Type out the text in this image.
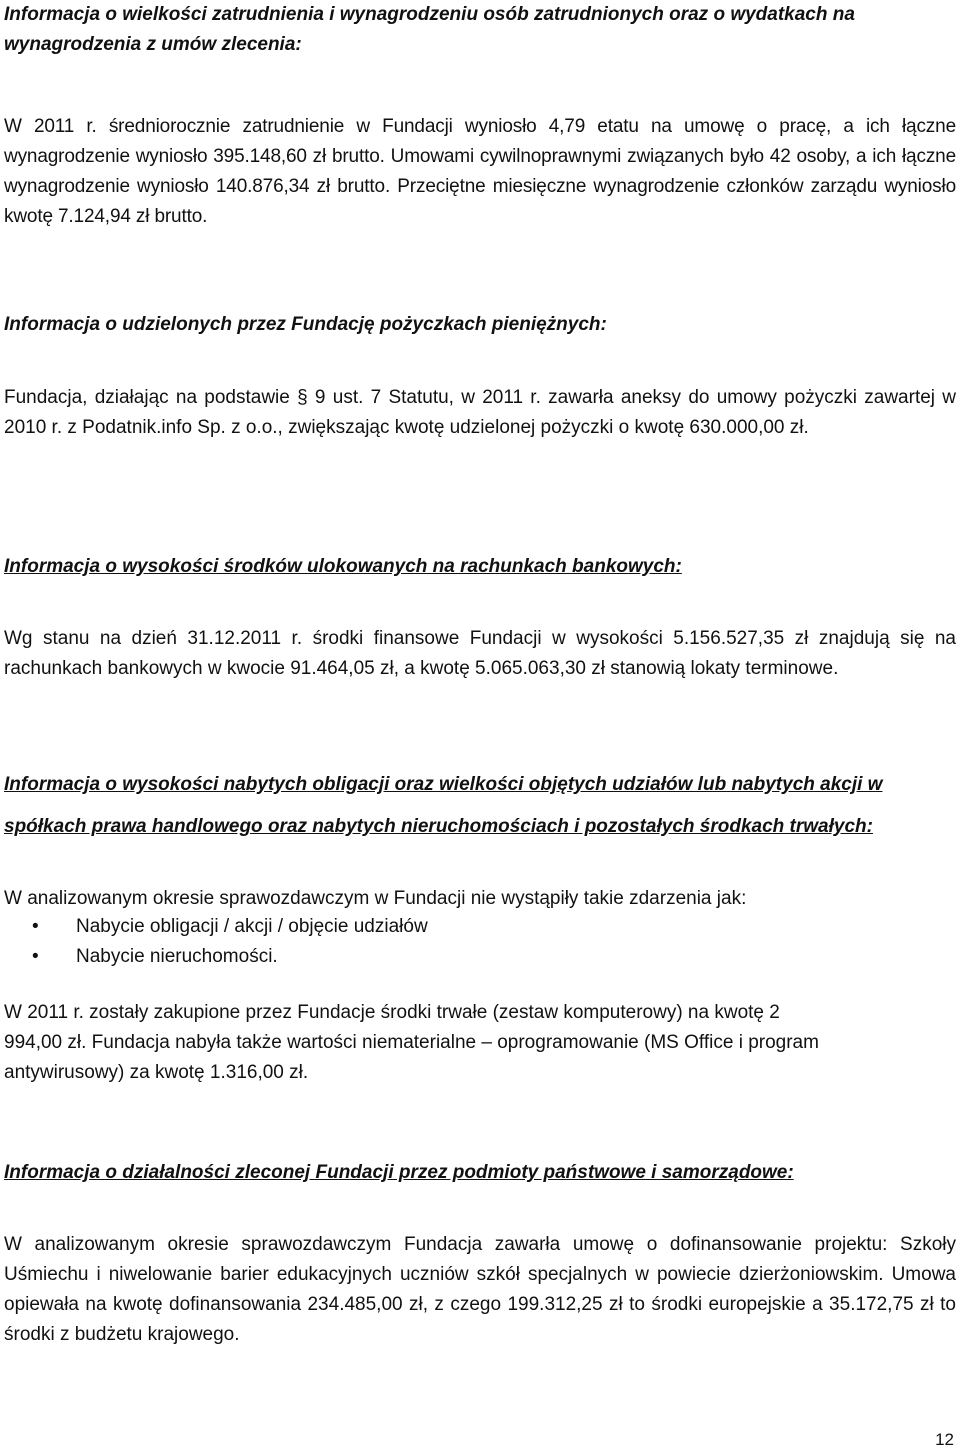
Informacja o wielkości zatrudnienia i wynagrodzeniu osób zatrudnionych oraz o wydatkach na wynagrodzenia z umów zlecenia:

W 2011 r. średniorocznie zatrudnienie w Fundacji wyniosło 4,79 etatu na umowę o pracę, a ich łączne wynagrodzenie wyniosło 395.148,60 zł brutto. Umowami cywilnoprawnymi związanych było 42 osoby, a ich łączne wynagrodzenie wyniosło 140.876,34 zł brutto. Przeciętne miesięczne wynagrodzenie członków zarządu wyniosło kwotę 7.124,94 zł brutto.

Informacja o udzielonych przez Fundację pożyczkach pieniężnych:

Fundacja, działając na podstawie § 9 ust. 7 Statutu, w 2011 r. zawarła aneksy do umowy pożyczki zawartej w 2010 r. z Podatnik.info Sp. z o.o., zwiększając kwotę udzielonej pożyczki o kwotę 630.000,00 zł.

Informacja o wysokości środków ulokowanych na rachunkach bankowych:

Wg stanu na dzień 31.12.2011 r. środki finansowe Fundacji w wysokości 5.156.527,35 zł znajdują się na rachunkach bankowych w kwocie 91.464,05 zł, a kwotę 5.065.063,30 zł stanowią lokaty terminowe.

Informacja o wysokości nabytych obligacji oraz wielkości objętych udziałów lub nabytych akcji w
spółkach prawa handlowego oraz nabytych nieruchomościach i pozostałych środkach trwałych:
W analizowanym okresie sprawozdawczym w Fundacji nie wystąpiły takie zdarzenia jak:
• Nabycie obligacji / akcji / objęcie udziałów
• Nabycie nieruchomości.
W 2011 r. zostały zakupione przez Fundacje środki trwałe (zestaw komputerowy) na kwotę 2
994,00 zł. Fundacja nabyła także wartości niematerialne – oprogramowanie (MS Office i program
antywirusowy) za kwotę 1.316,00 zł.

Informacja o działalności zleconej Fundacji przez podmioty państwowe i samorządowe:

W analizowanym okresie sprawozdawczym Fundacja zawarła umowę o dofinansowanie projektu: Szkoły Uśmiechu i niwelowanie barier edukacyjnych uczniów szkół specjalnych w powiecie dzierżoniowskim. Umowa opiewała na kwotę dofinansowania 234.485,00 zł, z czego 199.312,25 zł to środki europejskie a 35.172,75 zł to środki z budżetu krajowego.

12
